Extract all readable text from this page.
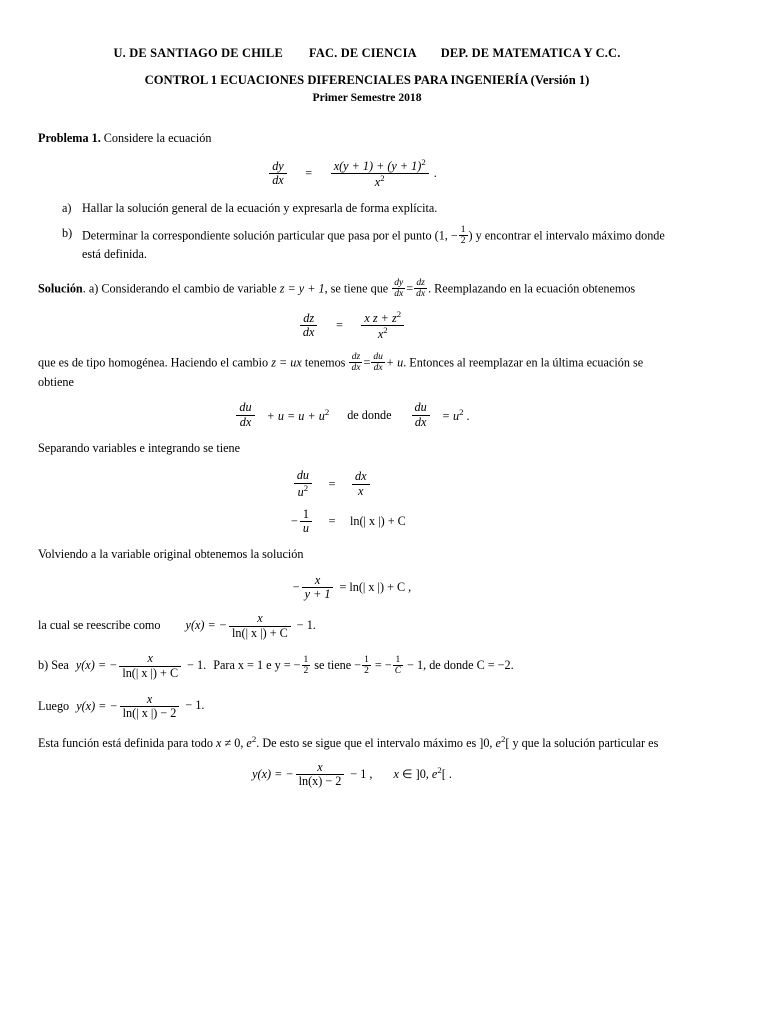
U. DE SANTIAGO DE CHILE FAC. DE CIENCIA DEP. DE MATEMATICA Y C.C.
CONTROL 1 ECUACIONES DIFERENCIALES PARA INGENIERÍA (Versión 1)
Primer Semestre 2018
Problema 1. Considere la ecuación
$\frac{dy}{dx} = \frac{x(y + 1) + (y + 1)^2}{x^2}$ .
a) Hallar la solución general de la ecuación y expresarla de forma explícita.
b) Determinar la correspondiente solución particular que pasa por el punto (1, − $\frac{1}{2}$ ) y encontrar el intervalo máximo donde está definida.
Solución. a) Considerando el cambio de variable z = y + 1, se tiene que $\frac{dy}{dx} = \frac{dz}{dx}$ . Reemplazando en la ecuación obtenemos
$\frac{dz}{dx} = \frac{x z + z^2}{x^2}$
que es de tipo homogénea. Haciendo el cambio z = ux tenemos $\frac{dz}{dx} = \frac{du}{dx} + u$. Entonces al reemplazar en la última ecuación se obtiene
$\frac{du}{dx} + u = u + u^2$ de donde $\frac{du}{dx} = u^2$ .
Separando variables e integrando se tiene
$\frac{du}{u^2}$	=	$\frac{dx}{x}$
− $\frac{1}{u}$	=	ln(| x |) + C
Volviendo a la variable original obtenemos la solución
− $\frac{x}{y + 1} = \ln(|$ x |) + C ,
la cual se reescribe como y(x) = − $\frac{x}{\ln(| x |) + C} - 1$.
b) Sea y(x) = − $\frac{x}{\ln(| x |) + C} - 1$. Para x = 1 e y = − $\frac{1}{2}$ se tiene − $\frac{1}{2}$ = − $\frac{1}{C} - 1$, de donde C = −2.
Luego y(x) = − $\frac{x}{\ln(| x |) - 2} - 1$.
Esta función está definida para todo x ≠ 0, $e^2$. De esto se sigue que el intervalo máximo es ]0, $e^2$[ y que la solución particular es
y(x) = − $\frac{x}{\ln(x) - 2} - 1$ , x ∈ ]0, $e^2$[ .
